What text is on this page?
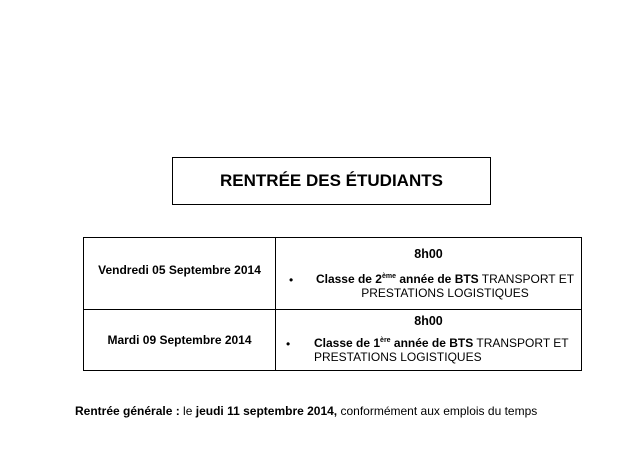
RENTRÉE DES ÉTUDIANTS
Vendredi 05 Septembre 2014
8h00
•	Classe de 2ème année de BTS TRANSPORT ET
PRESTATIONS LOGISTIQUES
Mardi 09 Septembre 2014
8h00
• Classe de 1ère année de BTS TRANSPORT ET
PRESTATIONS LOGISTIQUES
Rentrée générale : le jeudi 11 septembre 2014, conformément aux emplois du temps
